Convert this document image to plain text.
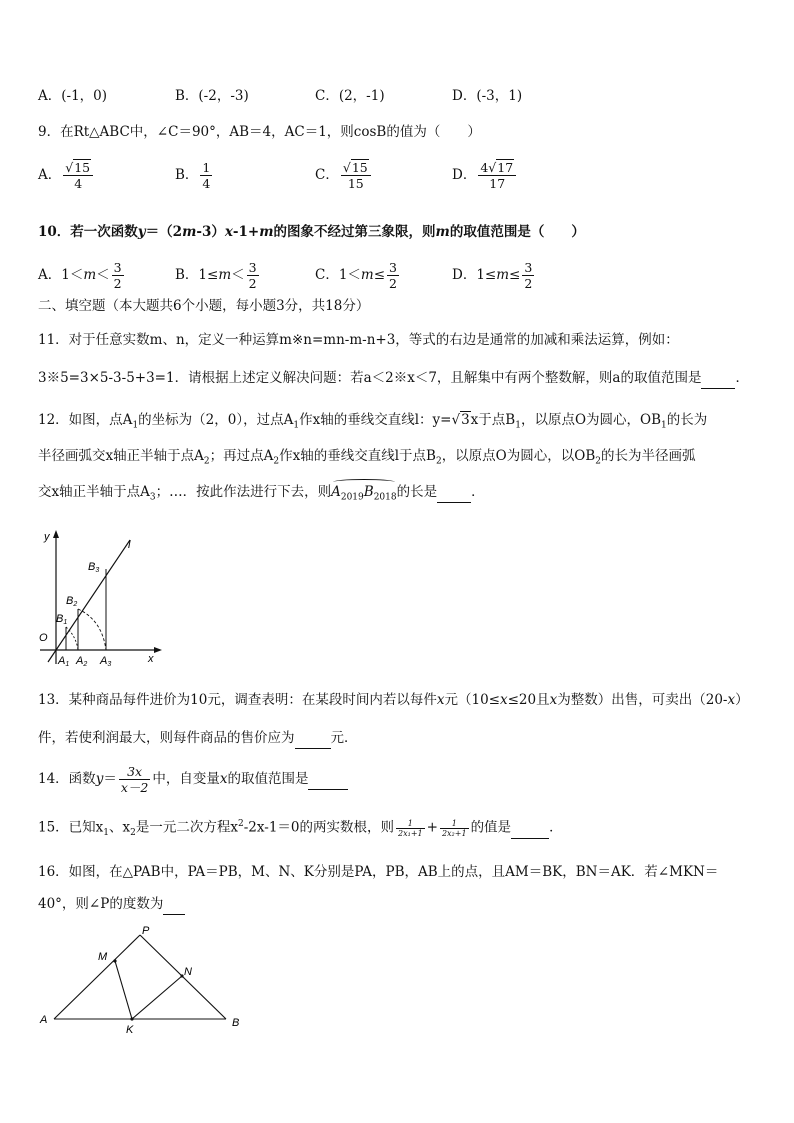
A．(-1，0)	B．(-2，-3)	C．(2，-1)	D．(-3，1)
9．在Rt△ABC中，∠C＝90°，AB＝4，AC＝1，则cosB的值为（　　）
A． $\frac{√15}{4}$	B． $\frac{1}{4}$	C． $\frac{√15}{15}$	D． $\frac{4√17}{17}$
10．若一次函数y＝（2m-3）x-1+m的图象不经过第三象限，则m的取值范围是（　　）
A．$1<m< \frac{3}{2}$	B．$1\le m< \frac{3}{2}$	C．$1<m\le \frac{3}{2}$	D．$1\le m\le \frac{3}{2}$
二、填空题（本大题共6个小题，每小题3分，共18分）
11．对于任意实数m、n，定义一种运算m※n=mn-m-n+3，等式的右边是通常的加减和乘法运算，例如：
3※5=3×5-3-5+3=1．请根据上述定义解决问题：若a＜2※x＜7，且解集中有两个整数解，则a的取值范围是	．
12．如图，点$A_1$的坐标为（2，0），过点$A_1$作x轴的垂线交直线l：y=√3x于点$B_1$，以原点O为圆心，$OB_1$的长为
半径画弧交x轴正半轴于点$A_2$；再过点$A_2$作x轴的垂线交直线l于点$B_2$，以原点O为圆心，以$OB_2$的长为半径画弧
交x轴正半轴于点$A_3$；…．按此作法进行下去，则
$A_{2019}B_{2018}$的长是	．
y
x
l
O
B1
B2
B3
A1 A2 A3
13．某种商品每件进价为10元，调查表明：在某段时间内若以每件x元（10≤x≤20且x为整数）出售，可卖出（20-x）
件，若使利润最大，则每件商品的售价应为	元．
14．函数$y= \frac{3x}{x-2}$ 中，自变量x的取值范围是
15．已知$x_1$、$x_2$是一元二次方程$x^2-2x-1=0$的两实数根，则 $\frac{1}{\text{2x₁+1}} + \frac{1}{\text{2x₂+1}}$ 的值是	．
16．如图，在△PAB中，PA＝PB，M、N、K分别是PA，PB，AB上的点，且AM＝BK，BN＝AK．若∠MKN＝
40°，则∠P的度数为
P
M
N
A
K
B
